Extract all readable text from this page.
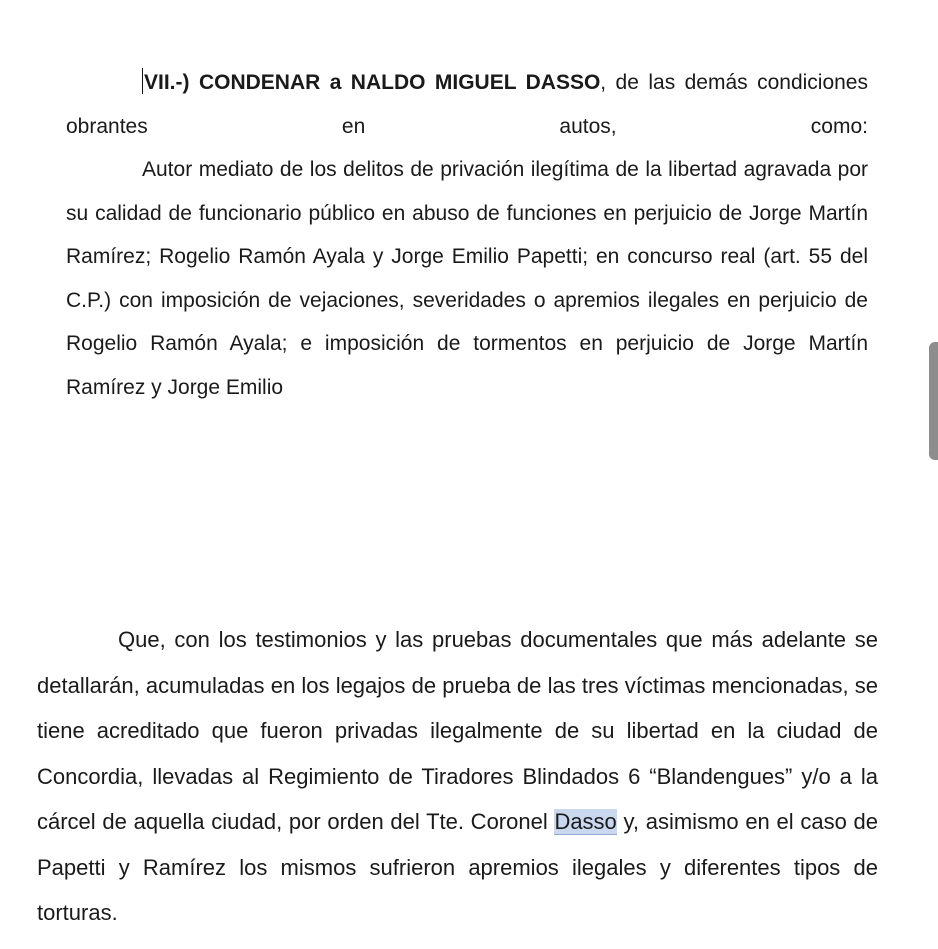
VII.-) CONDENAR a NALDO MIGUEL DASSO, de las demás condiciones obrantes en autos, como:

Autor mediato de los delitos de privación ilegítima de la libertad agravada por su calidad de funcionario público en abuso de funciones en perjuicio de Jorge Martín Ramírez; Rogelio Ramón Ayala y Jorge Emilio Papetti; en concurso real (art. 55 del C.P.) con imposición de vejaciones, severidades o apremios ilegales en perjuicio de Rogelio Ramón Ayala; e imposición de tormentos en perjuicio de Jorge Martín Ramírez y Jorge Emilio

Que, con los testimonios y las pruebas documentales que más adelante se detallarán, acumuladas en los legajos de prueba de las tres víctimas mencionadas, se tiene acreditado que fueron privadas ilegalmente de su libertad en la ciudad de Concordia, llevadas al Regimiento de Tiradores Blindados 6 “Blandengues” y/o a la cárcel de aquella ciudad, por orden del Tte. Coronel Dasso y, asimismo en el caso de Papetti y Ramírez los mismos sufrieron apremios ilegales y diferentes tipos de torturas.
